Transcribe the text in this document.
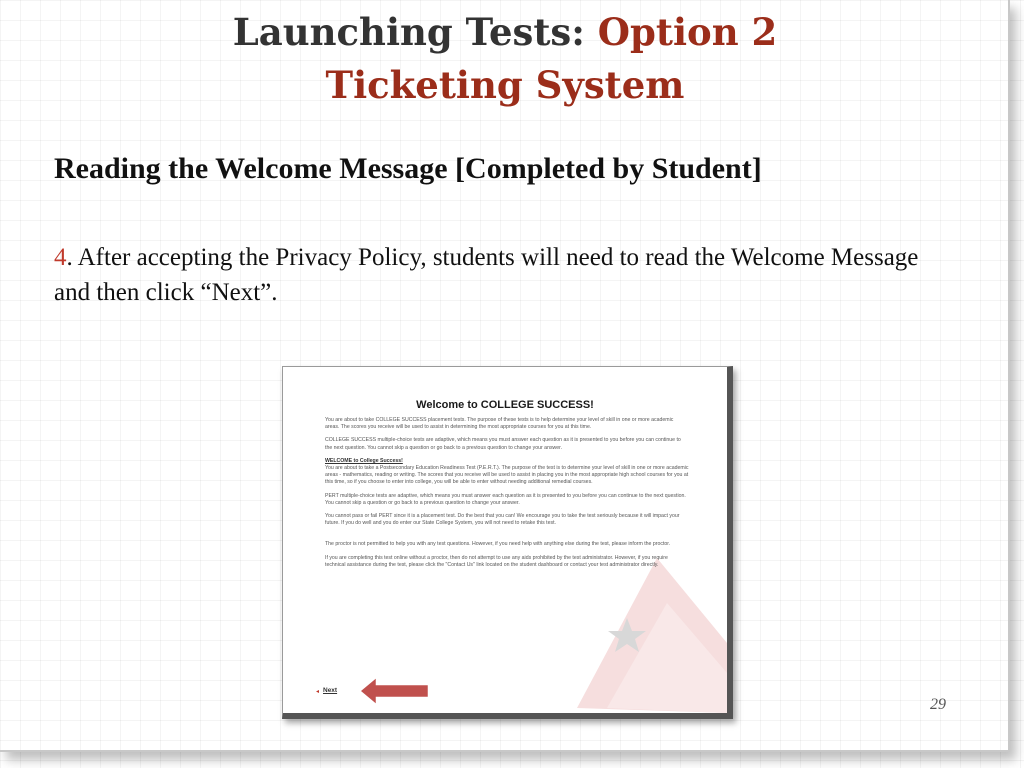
Launching Tests: Option 2
Ticketing System
Reading the Welcome Message [Completed by Student]

4. After accepting the Privacy Policy, students will need to read the Welcome Message and then click “Next”.

Welcome to COLLEGE SUCCESS!

You are about to take COLLEGE SUCCESS placement tests. The purpose of these tests is to help determine your level of skill in one or more academic areas. The scores you receive will be used to assist in determining the most appropriate courses for you at this time.

COLLEGE SUCCESS multiple-choice tests are adaptive, which means you must answer each question as it is presented to you before you can continue to the next question. You cannot skip a question or go back to a previous question to change your answer.

WELCOME to College Success!
You are about to take a Postsecondary Education Readiness Test (P.E.R.T.). The purpose of the test is to determine your level of skill in one or more academic areas - mathematics, reading or writing. The scores that you receive will be used to assist in placing you in the most appropriate high school courses for you at this time, so if you choose to enter into college, you will be able to enter without needing additional remedial courses.

PERT multiple-choice tests are adaptive, which means you must answer each question as it is presented to you before you can continue to the next question. You cannot skip a question or go back to a previous question to change your answer.

You cannot pass or fail PERT since it is a placement test. Do the best that you can! We encourage you to take the test seriously because it will impact your future. If you do well and you do enter our State College System, you will not need to retake this test.

The proctor is not permitted to help you with any test questions. However, if you need help with anything else during the test, please inform the proctor.

If you are completing this test online without a proctor, then do not attempt to use any aids prohibited by the test administrator. However, if you require technical assistance during the test, please click the "Contact Us" link located on the student dashboard or contact your test administrator directly.

◂ Next
29
